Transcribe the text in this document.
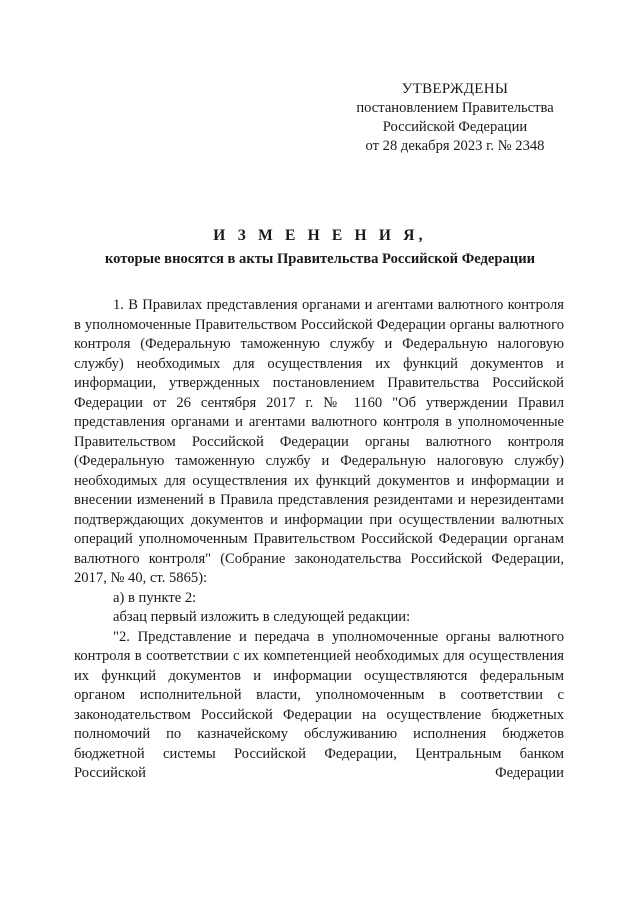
УТВЕРЖДЕНЫ
постановлением Правительства
Российской Федерации
от 28 декабря 2023 г. № 2348
И З М Е Н Е Н И Я,
которые вносятся в акты Правительства Российской Федерации

1. В Правилах представления органами и агентами валютного контроля в уполномоченные Правительством Российской Федерации органы валютного контроля (Федеральную таможенную службу и Федеральную налоговую службу) необходимых для осуществления их функций документов и информации, утвержденных постановлением Правительства Российской Федерации от 26 сентября 2017 г. № 1160 "Об утверждении Правил представления органами и агентами валютного контроля в уполномоченные Правительством Российской Федерации органы валютного контроля (Федеральную таможенную службу и Федеральную налоговую службу) необходимых для осуществления их функций документов и информации и внесении изменений в Правила представления резидентами и нерезидентами подтверждающих документов и информации при осуществлении валютных операций уполномоченным Правительством Российской Федерации органам валютного контроля" (Собрание законодательства Российской Федерации, 2017, № 40, ст. 5865):

а) в пункте 2:

абзац первый изложить в следующей редакции:

"2. Представление и передача в уполномоченные органы валютного контроля в соответствии с их компетенцией необходимых для осуществления их функций документов и информации осуществляются федеральным органом исполнительной власти, уполномоченным в соответствии с законодательством Российской Федерации на осуществление бюджетных полномочий по казначейскому обслуживанию исполнения бюджетов бюджетной системы Российской Федерации, Центральным банком Российской Федерации
